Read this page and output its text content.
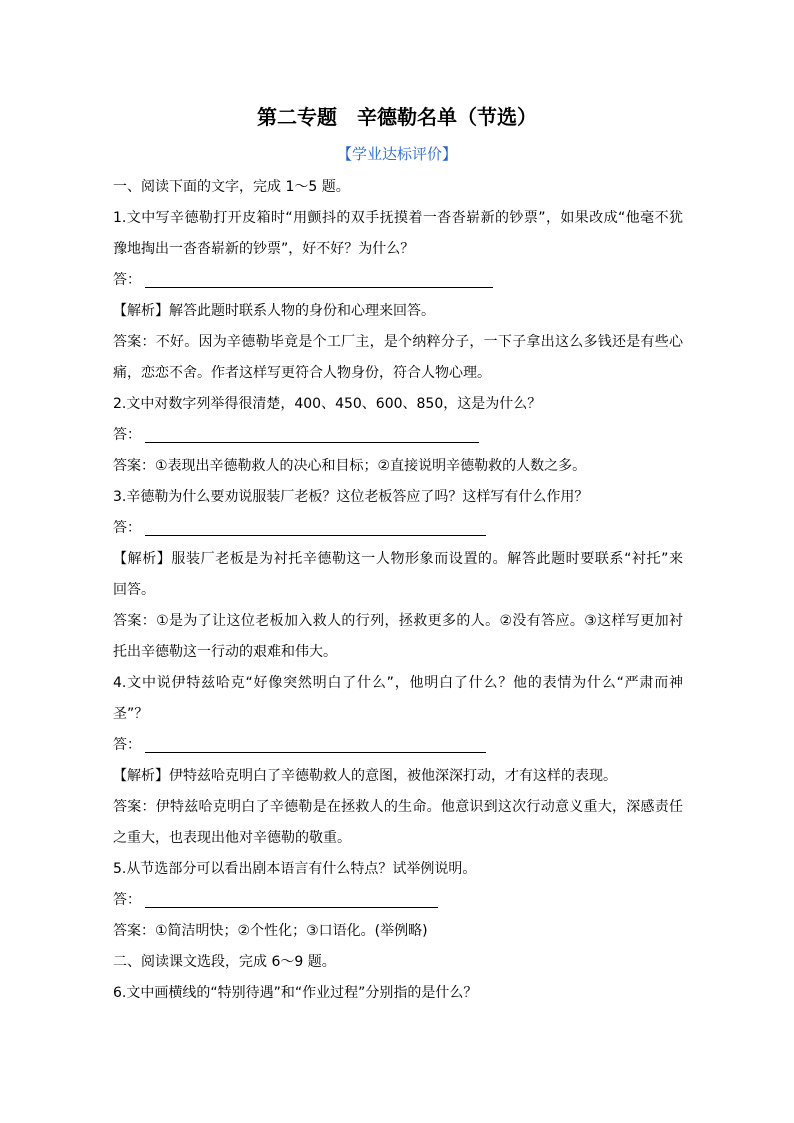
第二专题　辛德勒名单（节选）
【学业达标评价】
一、阅读下面的文字，完成 1～5 题。
1.文中写辛德勒打开皮箱时“用颤抖的双手抚摸着一沓沓崭新的钞票”，如果改成“他毫不犹
豫地掏出一沓沓崭新的钞票”，好不好？为什么？
答：
【解析】解答此题时联系人物的身份和心理来回答。
答案：不好。因为辛德勒毕竟是个工厂主，是个纳粹分子，一下子拿出这么多钱还是有些心
痛，恋恋不舍。作者这样写更符合人物身份，符合人物心理。
2.文中对数字列举得很清楚，400、450、600、850，这是为什么？
答：
答案：①表现出辛德勒救人的决心和目标；②直接说明辛德勒救的人数之多。
3.辛德勒为什么要劝说服装厂老板？这位老板答应了吗？这样写有什么作用？
答：
【解析】服装厂老板是为衬托辛德勒这一人物形象而设置的。解答此题时要联系“衬托”来
回答。
答案：①是为了让这位老板加入救人的行列，拯救更多的人。②没有答应。③这样写更加衬
托出辛德勒这一行动的艰难和伟大。
4.文中说伊特兹哈克“好像突然明白了什么”，他明白了什么？他的表情为什么“严肃而神
圣”？
答：
【解析】伊特兹哈克明白了辛德勒救人的意图，被他深深打动，才有这样的表现。
答案：伊特兹哈克明白了辛德勒是在拯救人的生命。他意识到这次行动意义重大，深感责任
之重大，也表现出他对辛德勒的敬重。
5.从节选部分可以看出剧本语言有什么特点？试举例说明。
答：
答案：①简洁明快；②个性化；③口语化。(举例略)
二、阅读课文选段，完成 6～9 题。
6.文中画横线的“特别待遇”和“作业过程”分别指的是什么？
